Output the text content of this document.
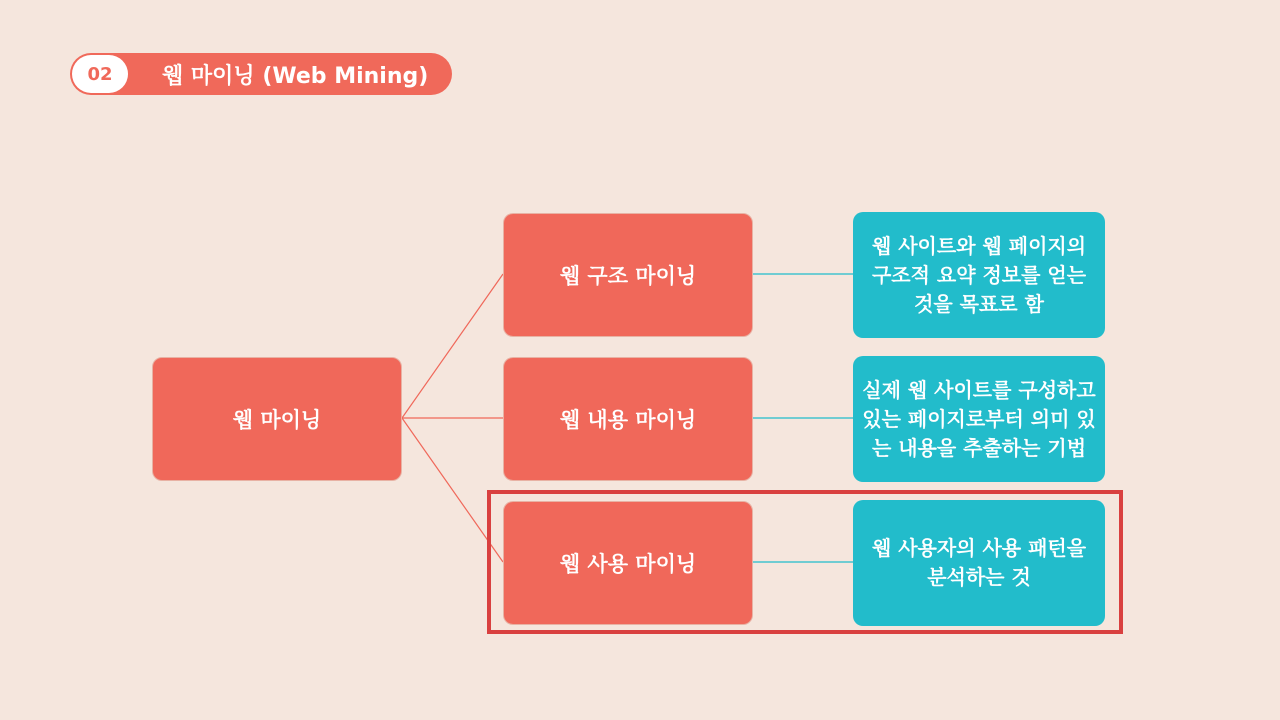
02	웹 마이닝 (Web Mining)
웹 마이닝
웹 구조 마이닝
웹 내용 마이닝
웹 사용 마이닝
웹 사이트와 웹 페이지의 구조적 요약 정보를 얻는 것을 목표로 함
실제 웹 사이트를 구성하고 있는 페이지로부터 의미 있는 내용을 추출하는 기법
웹 사용자의 사용 패턴을 분석하는 것
